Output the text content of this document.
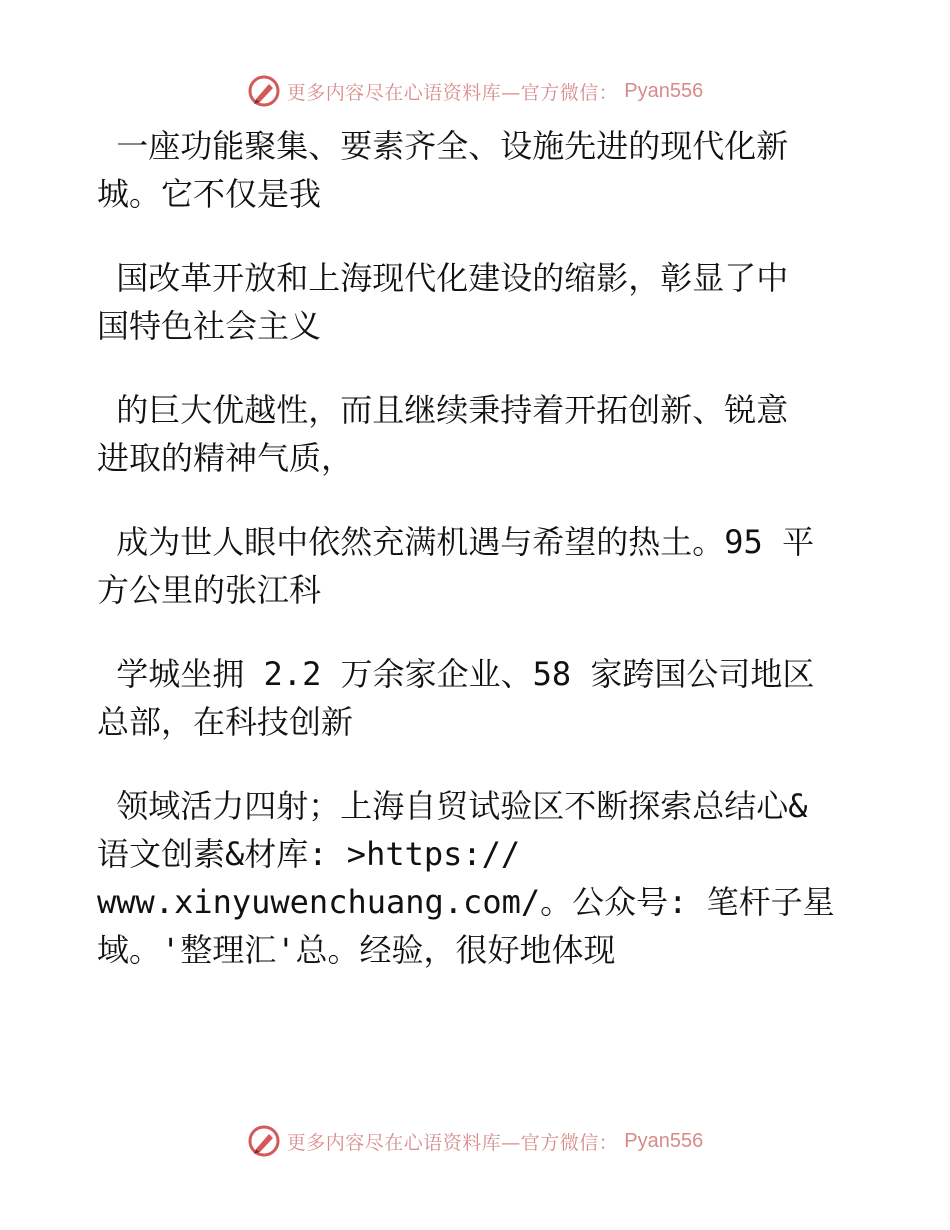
更多内容尽在心语资料库—官方微信： Pyan556

一座功能聚集、要素齐全、设施先进的现代化新
城。它不仅是我

国改革开放和上海现代化建设的缩影，彰显了中
国特色社会主义

的巨大优越性，而且继续秉持着开拓创新、锐意
进取的精神气质，

成为世人眼中依然充满机遇与希望的热土。95 平
方公里的张江科

学城坐拥 2.2 万余家企业、58 家跨国公司地区
总部，在科技创新

领域活力四射；上海自贸试验区不断探索总结心&
语文创素&材库: >https://
www.xinyuwenchuang.com/。公众号: 笔杆子星
域。'整理汇'总。经验，很好地体现

更多内容尽在心语资料库—官方微信： Pyan556
